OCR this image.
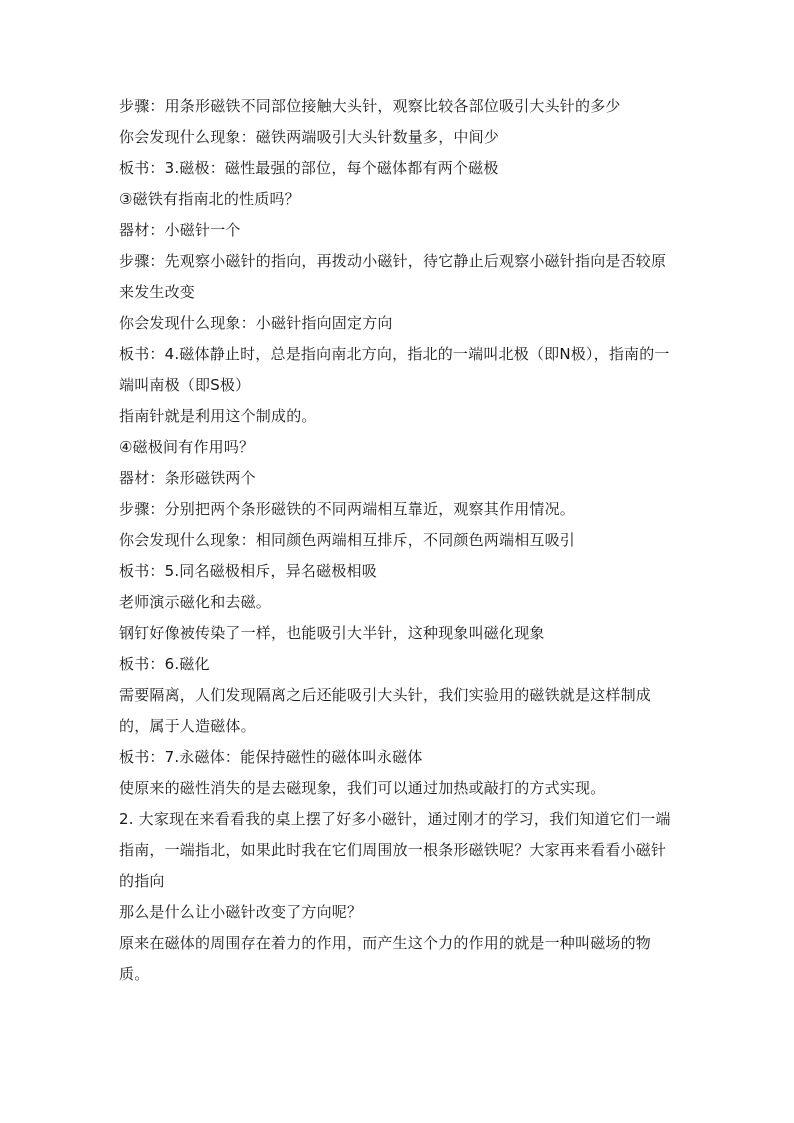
步骤：用条形磁铁不同部位接触大头针，观察比较各部位吸引大头针的多少

你会发现什么现象：磁铁两端吸引大头针数量多，中间少

板书：3.磁极：磁性最强的部位，每个磁体都有两个磁极

③磁铁有指南北的性质吗？

器材：小磁针一个

步骤：先观察小磁针的指向，再拨动小磁针，待它静止后观察小磁针指向是否较原来发生改变

你会发现什么现象：小磁针指向固定方向

板书：4.磁体静止时，总是指向南北方向，指北的一端叫北极（即N极），指南的一端叫南极（即S极）

指南针就是利用这个制成的。

④磁极间有作用吗？

器材：条形磁铁两个

步骤：分别把两个条形磁铁的不同两端相互靠近，观察其作用情况。

你会发现什么现象：相同颜色两端相互排斥，不同颜色两端相互吸引

板书：5.同名磁极相斥，异名磁极相吸

老师演示磁化和去磁。

钢钉好像被传染了一样，也能吸引大半针，这种现象叫磁化现象

板书：6.磁化

需要隔离，人们发现隔离之后还能吸引大头针，我们实验用的磁铁就是这样制成的，属于人造磁体。

板书：7.永磁体：能保持磁性的磁体叫永磁体

使原来的磁性消失的是去磁现象，我们可以通过加热或敲打的方式实现。

2. 大家现在来看看我的桌上摆了好多小磁针，通过刚才的学习，我们知道它们一端指南，一端指北，如果此时我在它们周围放一根条形磁铁呢？大家再来看看小磁针的指向

那么是什么让小磁针改变了方向呢？

原来在磁体的周围存在着力的作用，而产生这个力的作用的就是一种叫磁场的物质。
